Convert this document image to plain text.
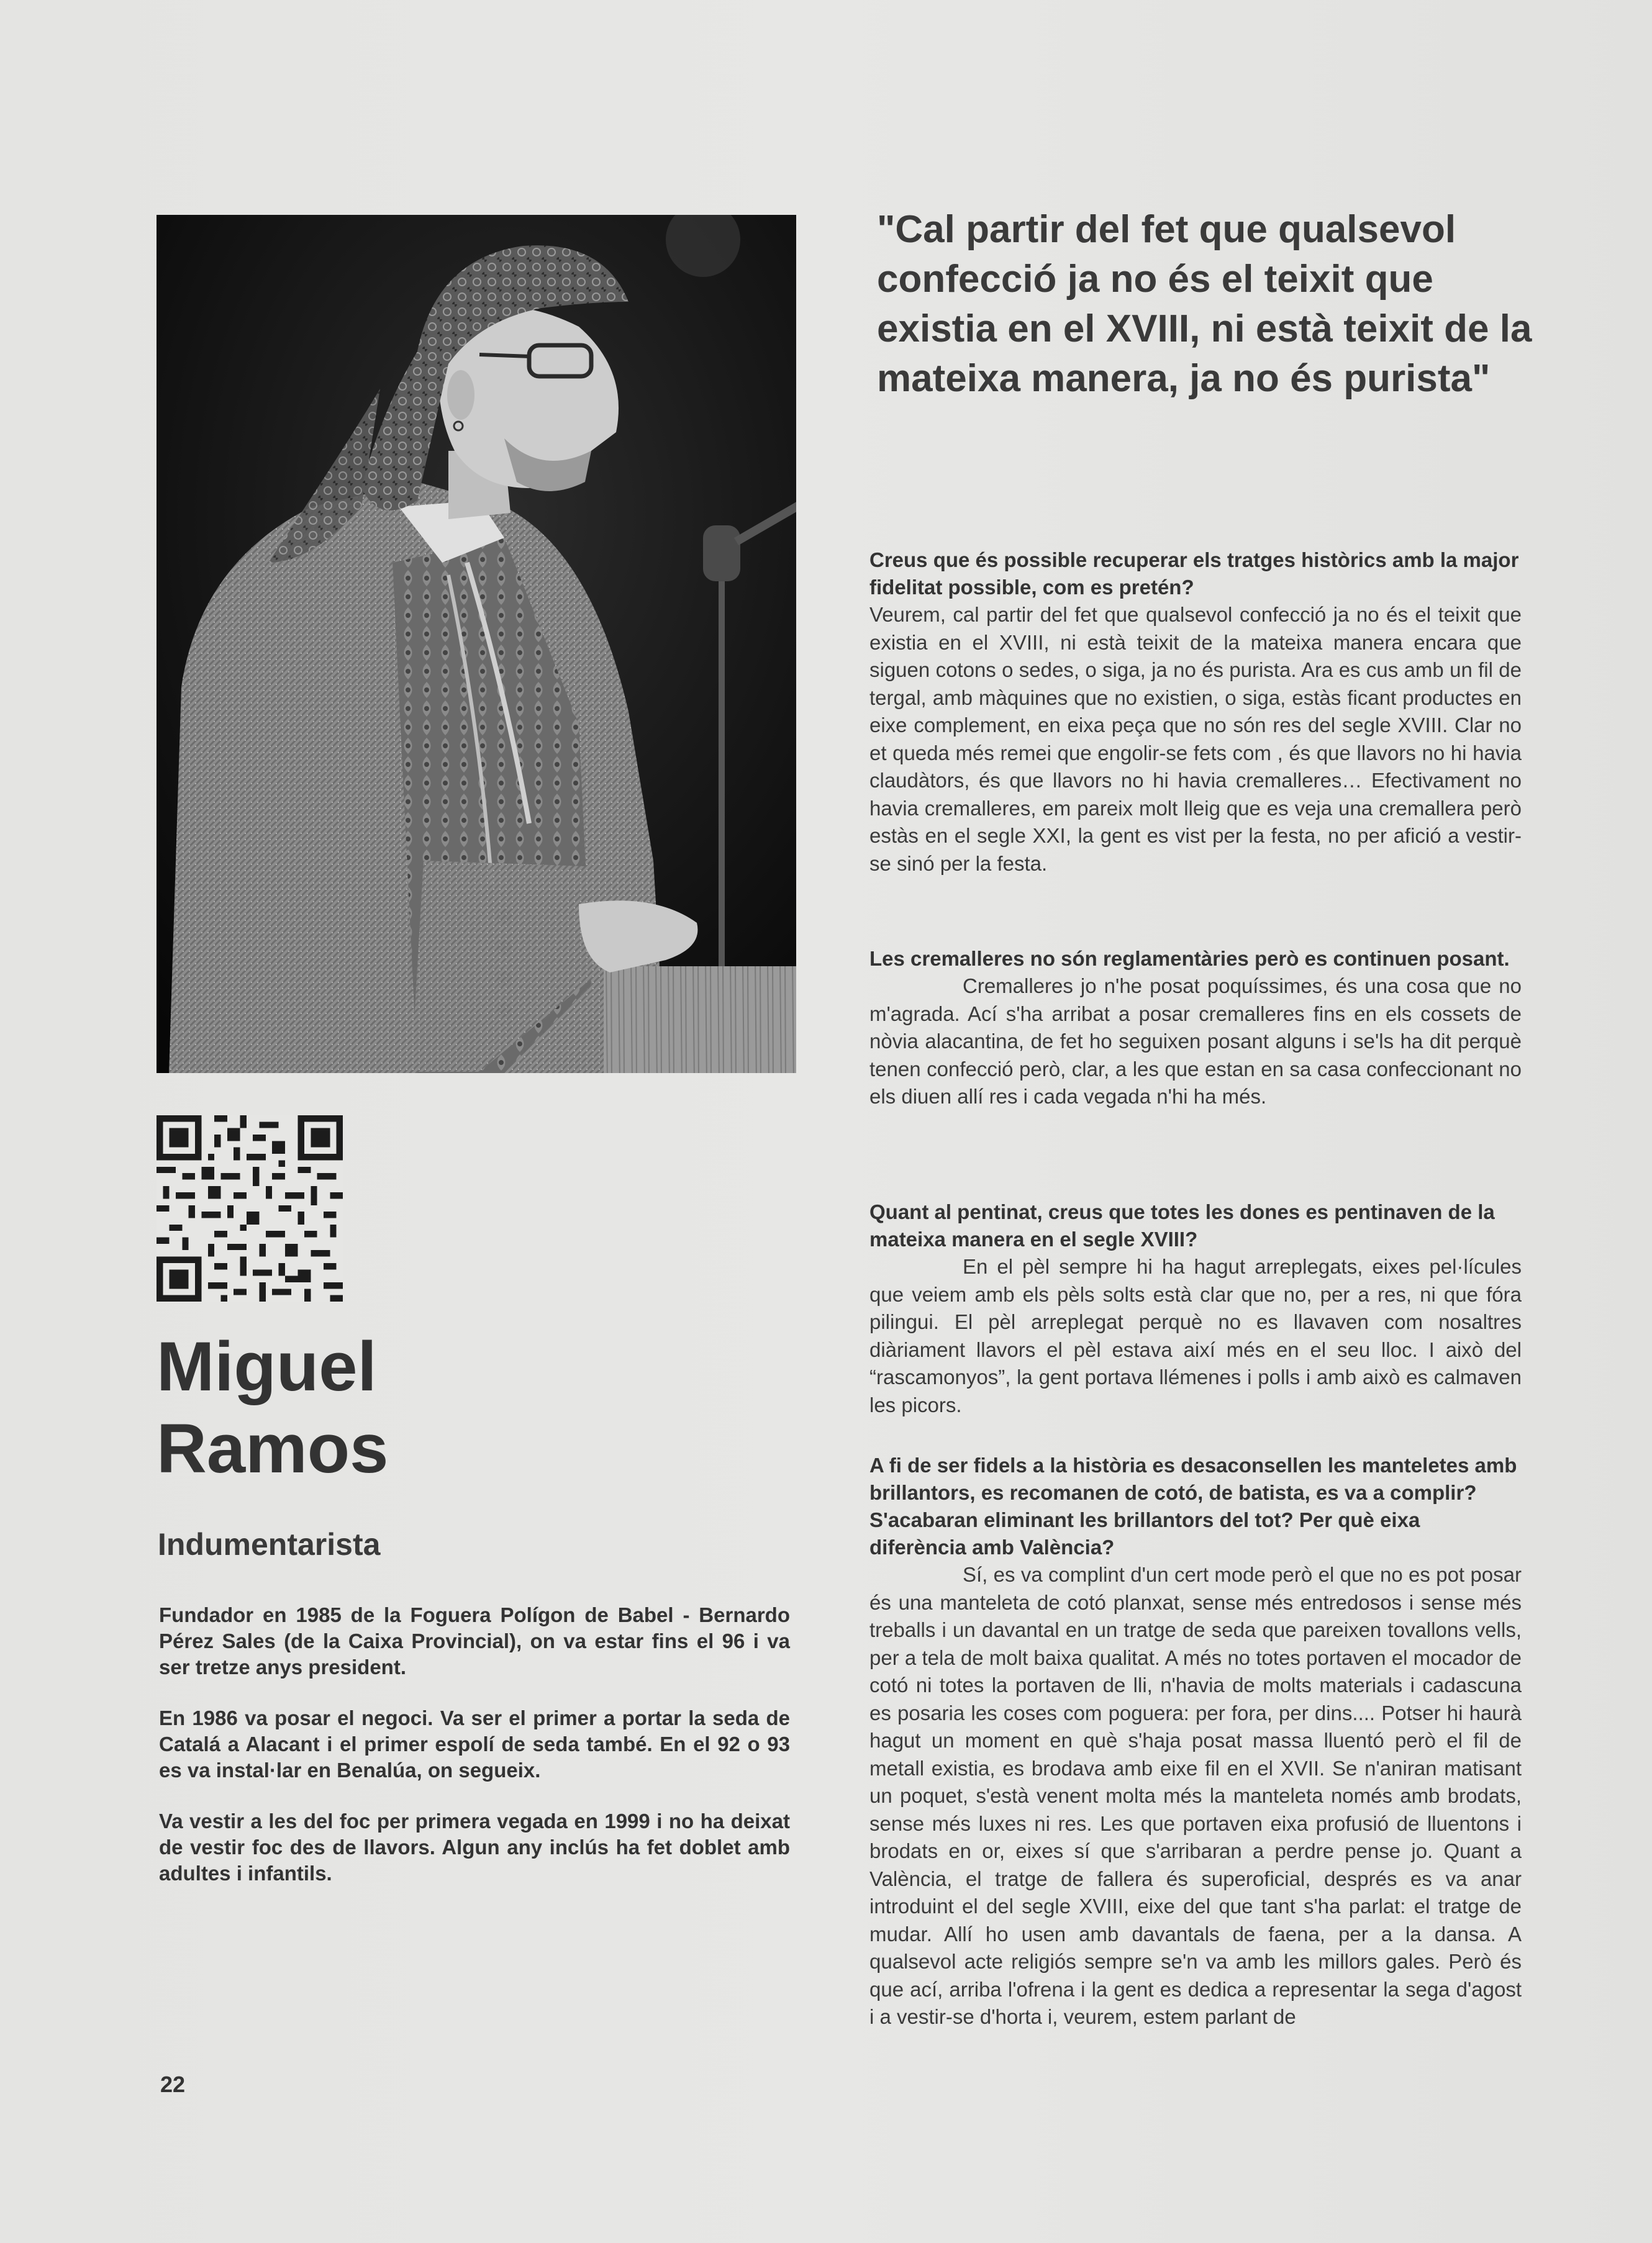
Miguel
Ramos
Indumentarista

Fundador en 1985 de la Foguera Polígon de Babel - Bernardo Pérez Sales (de la Caixa Provincial), on va estar fins el 96 i va ser tretze anys president.

En 1986 va posar el negoci. Va ser el primer a portar la seda de Catalá a Alacant i el primer espolí de seda també. En el 92 o 93 es va instal·lar en Benalúa, on segueix.

Va vestir a les del foc per primera vegada en 1999 i no ha deixat de vestir foc des de llavors. Algun any inclús ha fet doblet amb adultes i infantils.

22

"Cal partir del fet que qualsevol confecció ja no és el teixit que existia en el XVIII, ni està teixit de la mateixa manera, ja no és purista"

Creus que és possible recuperar els tratges històrics amb la major fidelitat possible, com es pretén?

Veurem, cal partir del fet que qualsevol confecció ja no és el teixit que existia en el XVIII, ni està teixit de la mateixa manera encara que siguen cotons o sedes, o siga, ja no és purista. Ara es cus amb un fil de tergal, amb màquines que no existien, o siga, estàs ficant productes en eixe complement, en eixa peça que no són res del segle XVIII. Clar no et queda més remei que engolir-se fets com , és que llavors no hi havia claudàtors, és que llavors no hi havia cremalleres… Efectivament no havia cremalleres, em pareix molt lleig que es veja una cremallera però estàs en el segle XXI, la gent es vist per la festa, no per afició a vestir-se sinó per la festa.

Les cremalleres no són reglamentàries però es continuen posant.

Cremalleres jo n'he posat poquíssimes, és una cosa que no m'agrada. Ací s'ha arribat a posar cremalleres fins en els cossets de nòvia alacantina, de fet ho seguixen posant alguns i se'ls ha dit perquè tenen confecció però, clar, a les que estan en sa casa confeccionant no els diuen allí res i cada vegada n'hi ha més.

Quant al pentinat, creus que totes les dones es pentinaven de la mateixa manera en el segle XVIII?

En el pèl sempre hi ha hagut arreplegats, eixes pel·lícules que veiem amb els pèls solts està clar que no, per a res, ni que fóra pilingui. El pèl arreplegat perquè no es llavaven com nosaltres diàriament llavors el pèl estava així més en el seu lloc. I això del “rascamonyos”, la gent portava llémenes i polls i amb això es calmaven les picors.

A fi de ser fidels a la història es desaconsellen les manteletes amb brillantors, es recomanen de cotó, de batista, es va a complir? S'acabaran eliminant les brillantors del tot? Per què eixa diferència amb València?

Sí, es va complint d'un cert mode però el que no es pot posar és una manteleta de cotó planxat, sense més entredosos i sense més treballs i un davantal en un tratge de seda que pareixen tovallons vells, per a tela de molt baixa qualitat. A més no totes portaven el mocador de cotó ni totes la portaven de lli, n'havia de molts materials i cadascuna es posaria les coses com poguera: per fora, per dins.... Potser hi haurà hagut un moment en què s'haja posat massa lluentó però el fil de metall existia, es brodava amb eixe fil en el XVII. Se n'aniran matisant un poquet, s'està venent molta més la manteleta només amb brodats, sense més luxes ni res. Les que portaven eixa profusió de lluentons i brodats en or, eixes sí que s'arribaran a perdre pense jo. Quant a València, el tratge de fallera és superoficial, després es va anar introduint el del segle XVIII, eixe del que tant s'ha parlat: el tratge de mudar. Allí ho usen amb davantals de faena, per a la dansa. A qualsevol acte religiós sempre se'n va amb les millors gales. Però és que ací, arriba l'ofrena i la gent es dedica a representar la sega d'agost i a vestir-se d'horta i, veurem, estem parlant de
